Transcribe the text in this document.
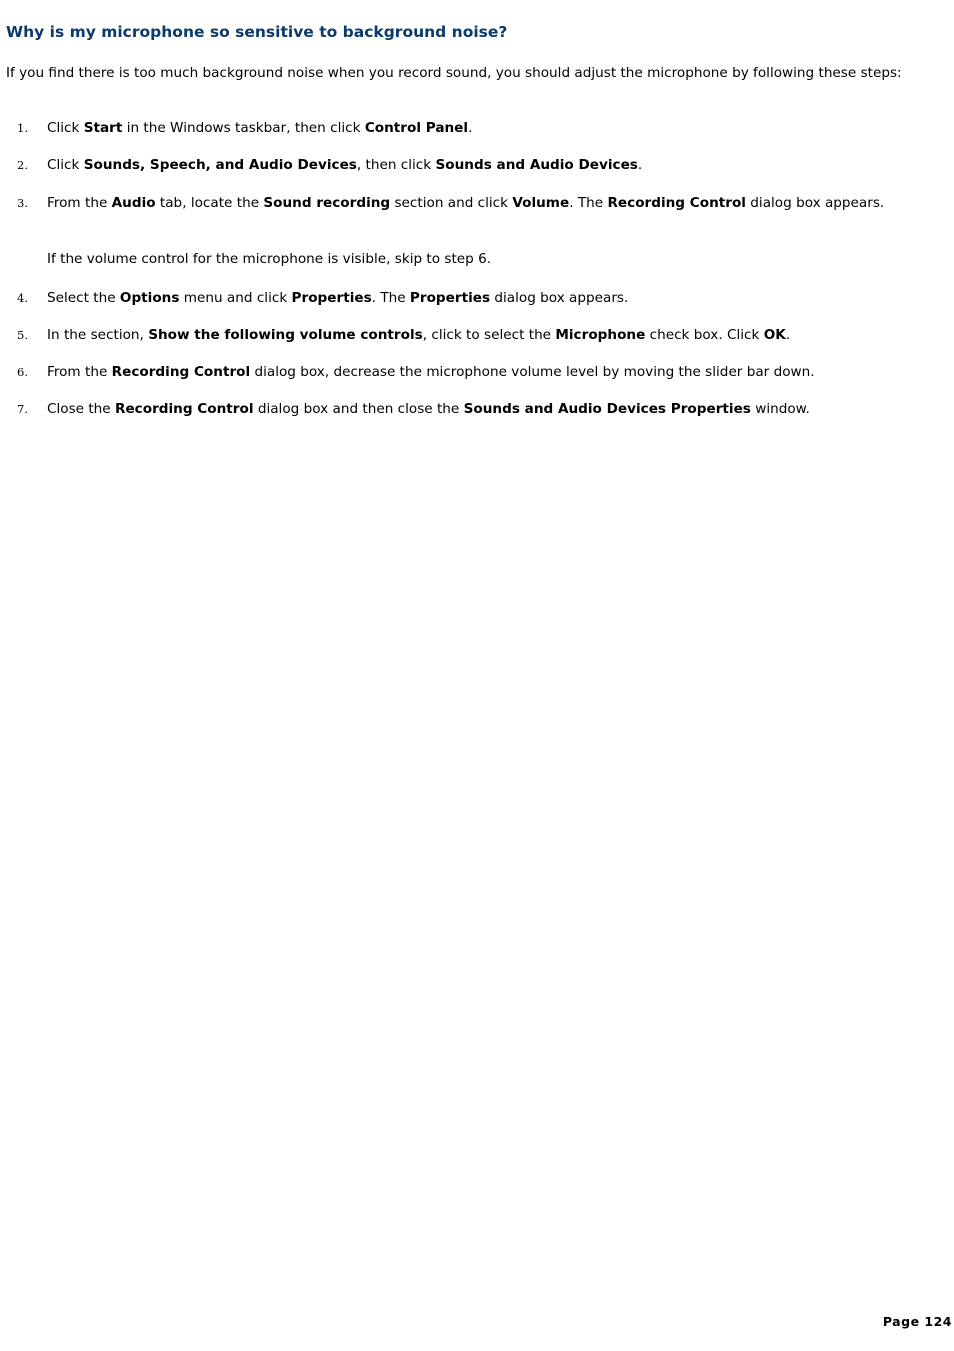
Why is my microphone so sensitive to background noise?

If you find there is too much background noise when you record sound, you should adjust the microphone by following these steps:

1. Click Start in the Windows taskbar, then click Control Panel.

2. Click Sounds, Speech, and Audio Devices, then click Sounds and Audio Devices.

3. From the Audio tab, locate the Sound recording section and click Volume. The Recording Control dialog box appears.

If the volume control for the microphone is visible, skip to step 6.

4. Select the Options menu and click Properties. The Properties dialog box appears.

5. In the section, Show the following volume controls, click to select the Microphone check box. Click OK.

6. From the Recording Control dialog box, decrease the microphone volume level by moving the slider bar down.

7. Close the Recording Control dialog box and then close the Sounds and Audio Devices Properties window.

Page 124
